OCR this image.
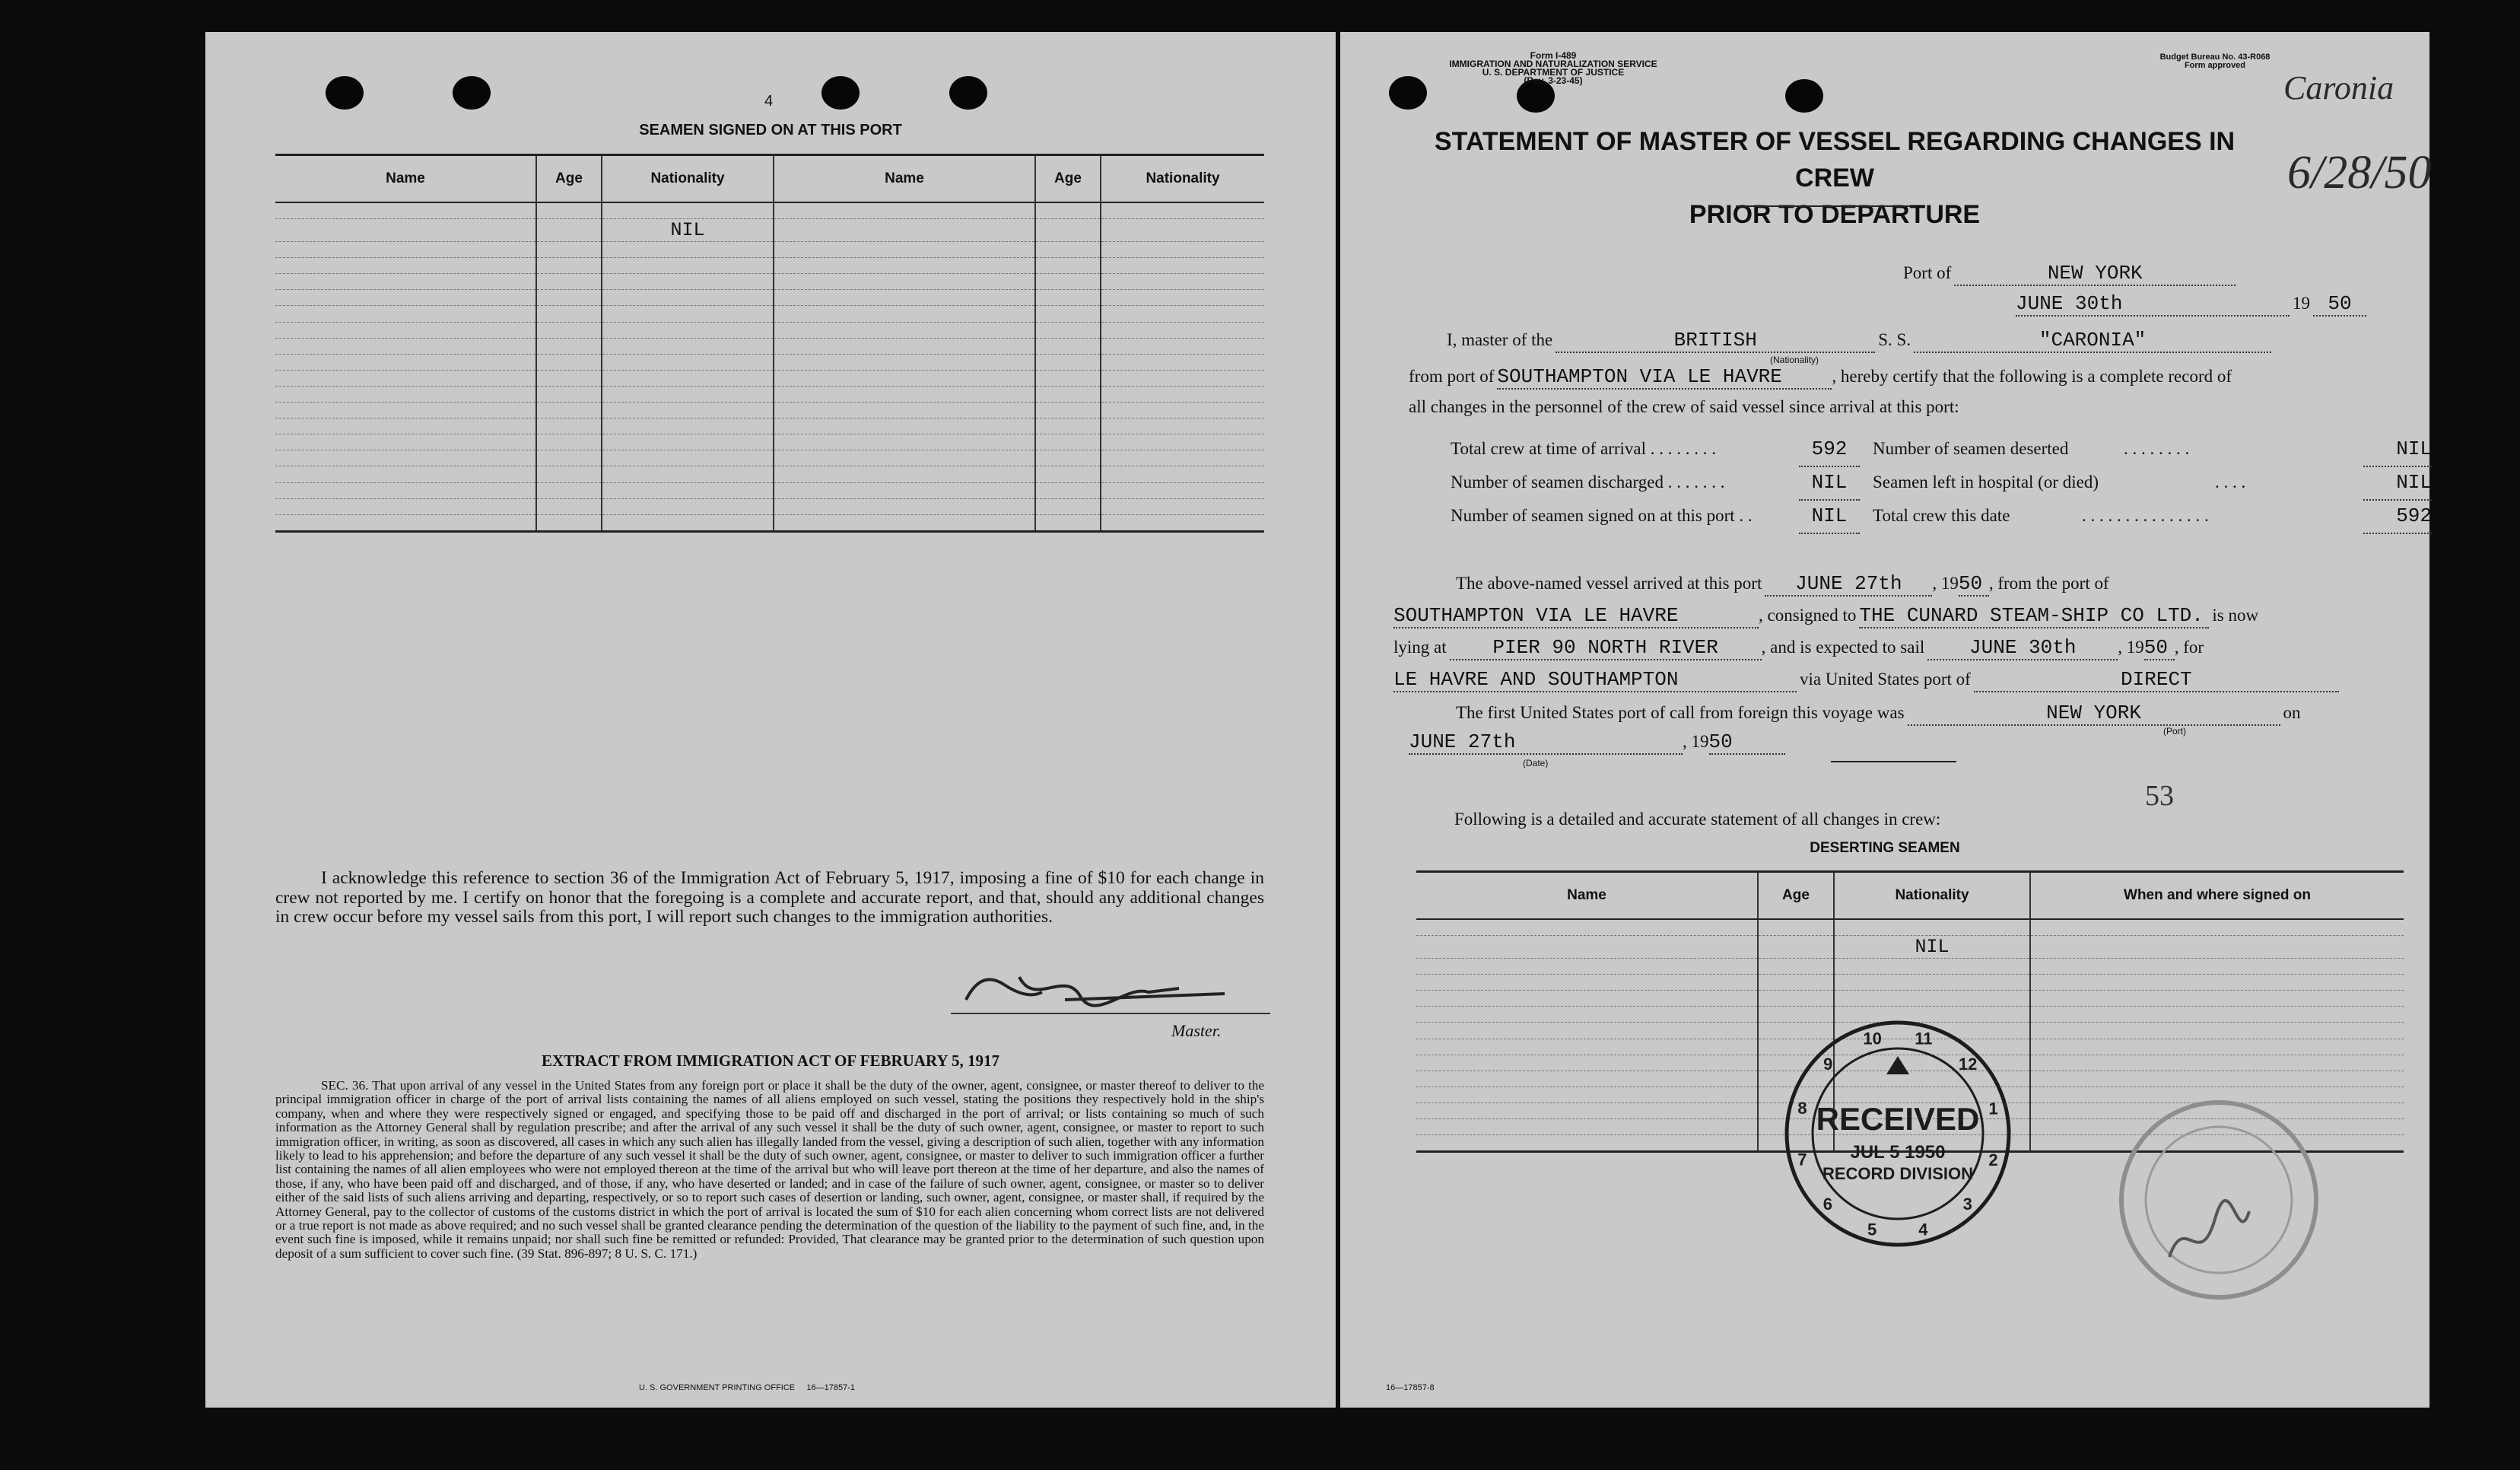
4
SEAMEN SIGNED ON AT THIS PORT
Name	Age	Nationality	Name	Age	Nationality

		NIL			

I acknowledge this reference to section 36 of the Immigration Act of February 5, 1917, imposing a fine of $10 for each change in crew not reported by me. I certify on honor that the foregoing is a complete and accurate report, and that, should any additional changes in crew occur before my vessel sails from this port, I will report such changes to the immigration authorities.
Master.
EXTRACT FROM IMMIGRATION ACT OF FEBRUARY 5, 1917
SEC. 36. That upon arrival of any vessel in the United States from any foreign port or place it shall be the duty of the owner, agent, consignee, or master thereof to deliver to the principal immigration officer in charge of the port of arrival lists containing the names of all aliens employed on such vessel, stating the positions they respectively hold in the ship's company, when and where they were respectively signed or engaged, and specifying those to be paid off and discharged in the port of arrival; or lists containing so much of such information as the Attorney General shall by regulation prescribe; and after the arrival of any such vessel it shall be the duty of such owner, agent, consignee, or master to report to such immigration officer, in writing, as soon as discovered, all cases in which any such alien has illegally landed from the vessel, giving a description of such alien, together with any information likely to lead to his apprehension; and before the departure of any such vessel it shall be the duty of such owner, agent, consignee, or master to deliver to such immigration officer a further list containing the names of all alien employees who were not employed thereon at the time of the arrival but who will leave port thereon at the time of her departure, and also the names of those, if any, who have been paid off and discharged, and of those, if any, who have deserted or landed; and in case of the failure of such owner, agent, consignee, or master so to deliver either of the said lists of such aliens arriving and departing, respectively, or so to report such cases of desertion or landing, such owner, agent, consignee, or master shall, if required by the Attorney General, pay to the collector of customs of the customs district in which the port of arrival is located the sum of $10 for each alien concerning whom correct lists are not delivered or a true report is not made as above required; and no such vessel shall be granted clearance pending the determination of the question of the liability to the payment of such fine, and, in the event such fine is imposed, while it remains unpaid; nor shall such fine be remitted or refunded: Provided, That clearance may be granted prior to the determination of such question upon deposit of a sum sufficient to cover such fine. (39 Stat. 896-897; 8 U. S. C. 171.)
U. S. GOVERNMENT PRINTING OFFICE     16—17857-1
Form I-489
IMMIGRATION AND NATURALIZATION SERVICE
U. S. DEPARTMENT OF JUSTICE
(Rev. 3-23-45)
Budget Bureau No. 43-R068
Form approved
Caronia
6/28/50
STATEMENT OF MASTER OF VESSEL REGARDING CHANGES IN CREW
PRIOR TO DEPARTURE
Port of	NEW YORK
JUNE 30th	19 50
I, master of the	BRITISH	S. S.	"CARONIA"
(Nationality)
from port of SOUTHAMPTON VIA LE HAVRE	, hereby certify that the following is a complete record of
all changes in the personnel of the crew of said vessel since arrival at this port:
Total crew at time of arrival . . . . . . . .	592	Number of seamen deserted	. . . . . . . .	NIL
Number of seamen discharged . . . . . . .	NIL	Seamen left in hospital (or died)	. . . .	NIL
Number of seamen signed on at this port . .	NIL	Total crew this date	. . . . . . . . . . . . . . .	592
The above-named vessel arrived at this port JUNE 27th , 1950 , from the port of
SOUTHAMPTON VIA LE HAVRE	, consigned to THE CUNARD STEAM-SHIP CO LTD. is now
lying at PIER 90 NORTH RIVER , and is expected to sail JUNE 30th , 1950 , for
LE HAVRE AND SOUTHAMPTON	via United States port of	DIRECT
The first United States port of call from foreign this voyage was	NEW YORK	on
(Port)
JUNE 27th	, 1950
(Date)
53
Following is a detailed and accurate statement of all changes in crew:
DESERTING SEAMEN
Name	Age	Nationality	When and where signed on

		NIL	

10 11
12
1
2
3
4
5
6
7
8
9
RECEIVED
JUL 5 1950
RECORD DIVISION
16—17857-8
